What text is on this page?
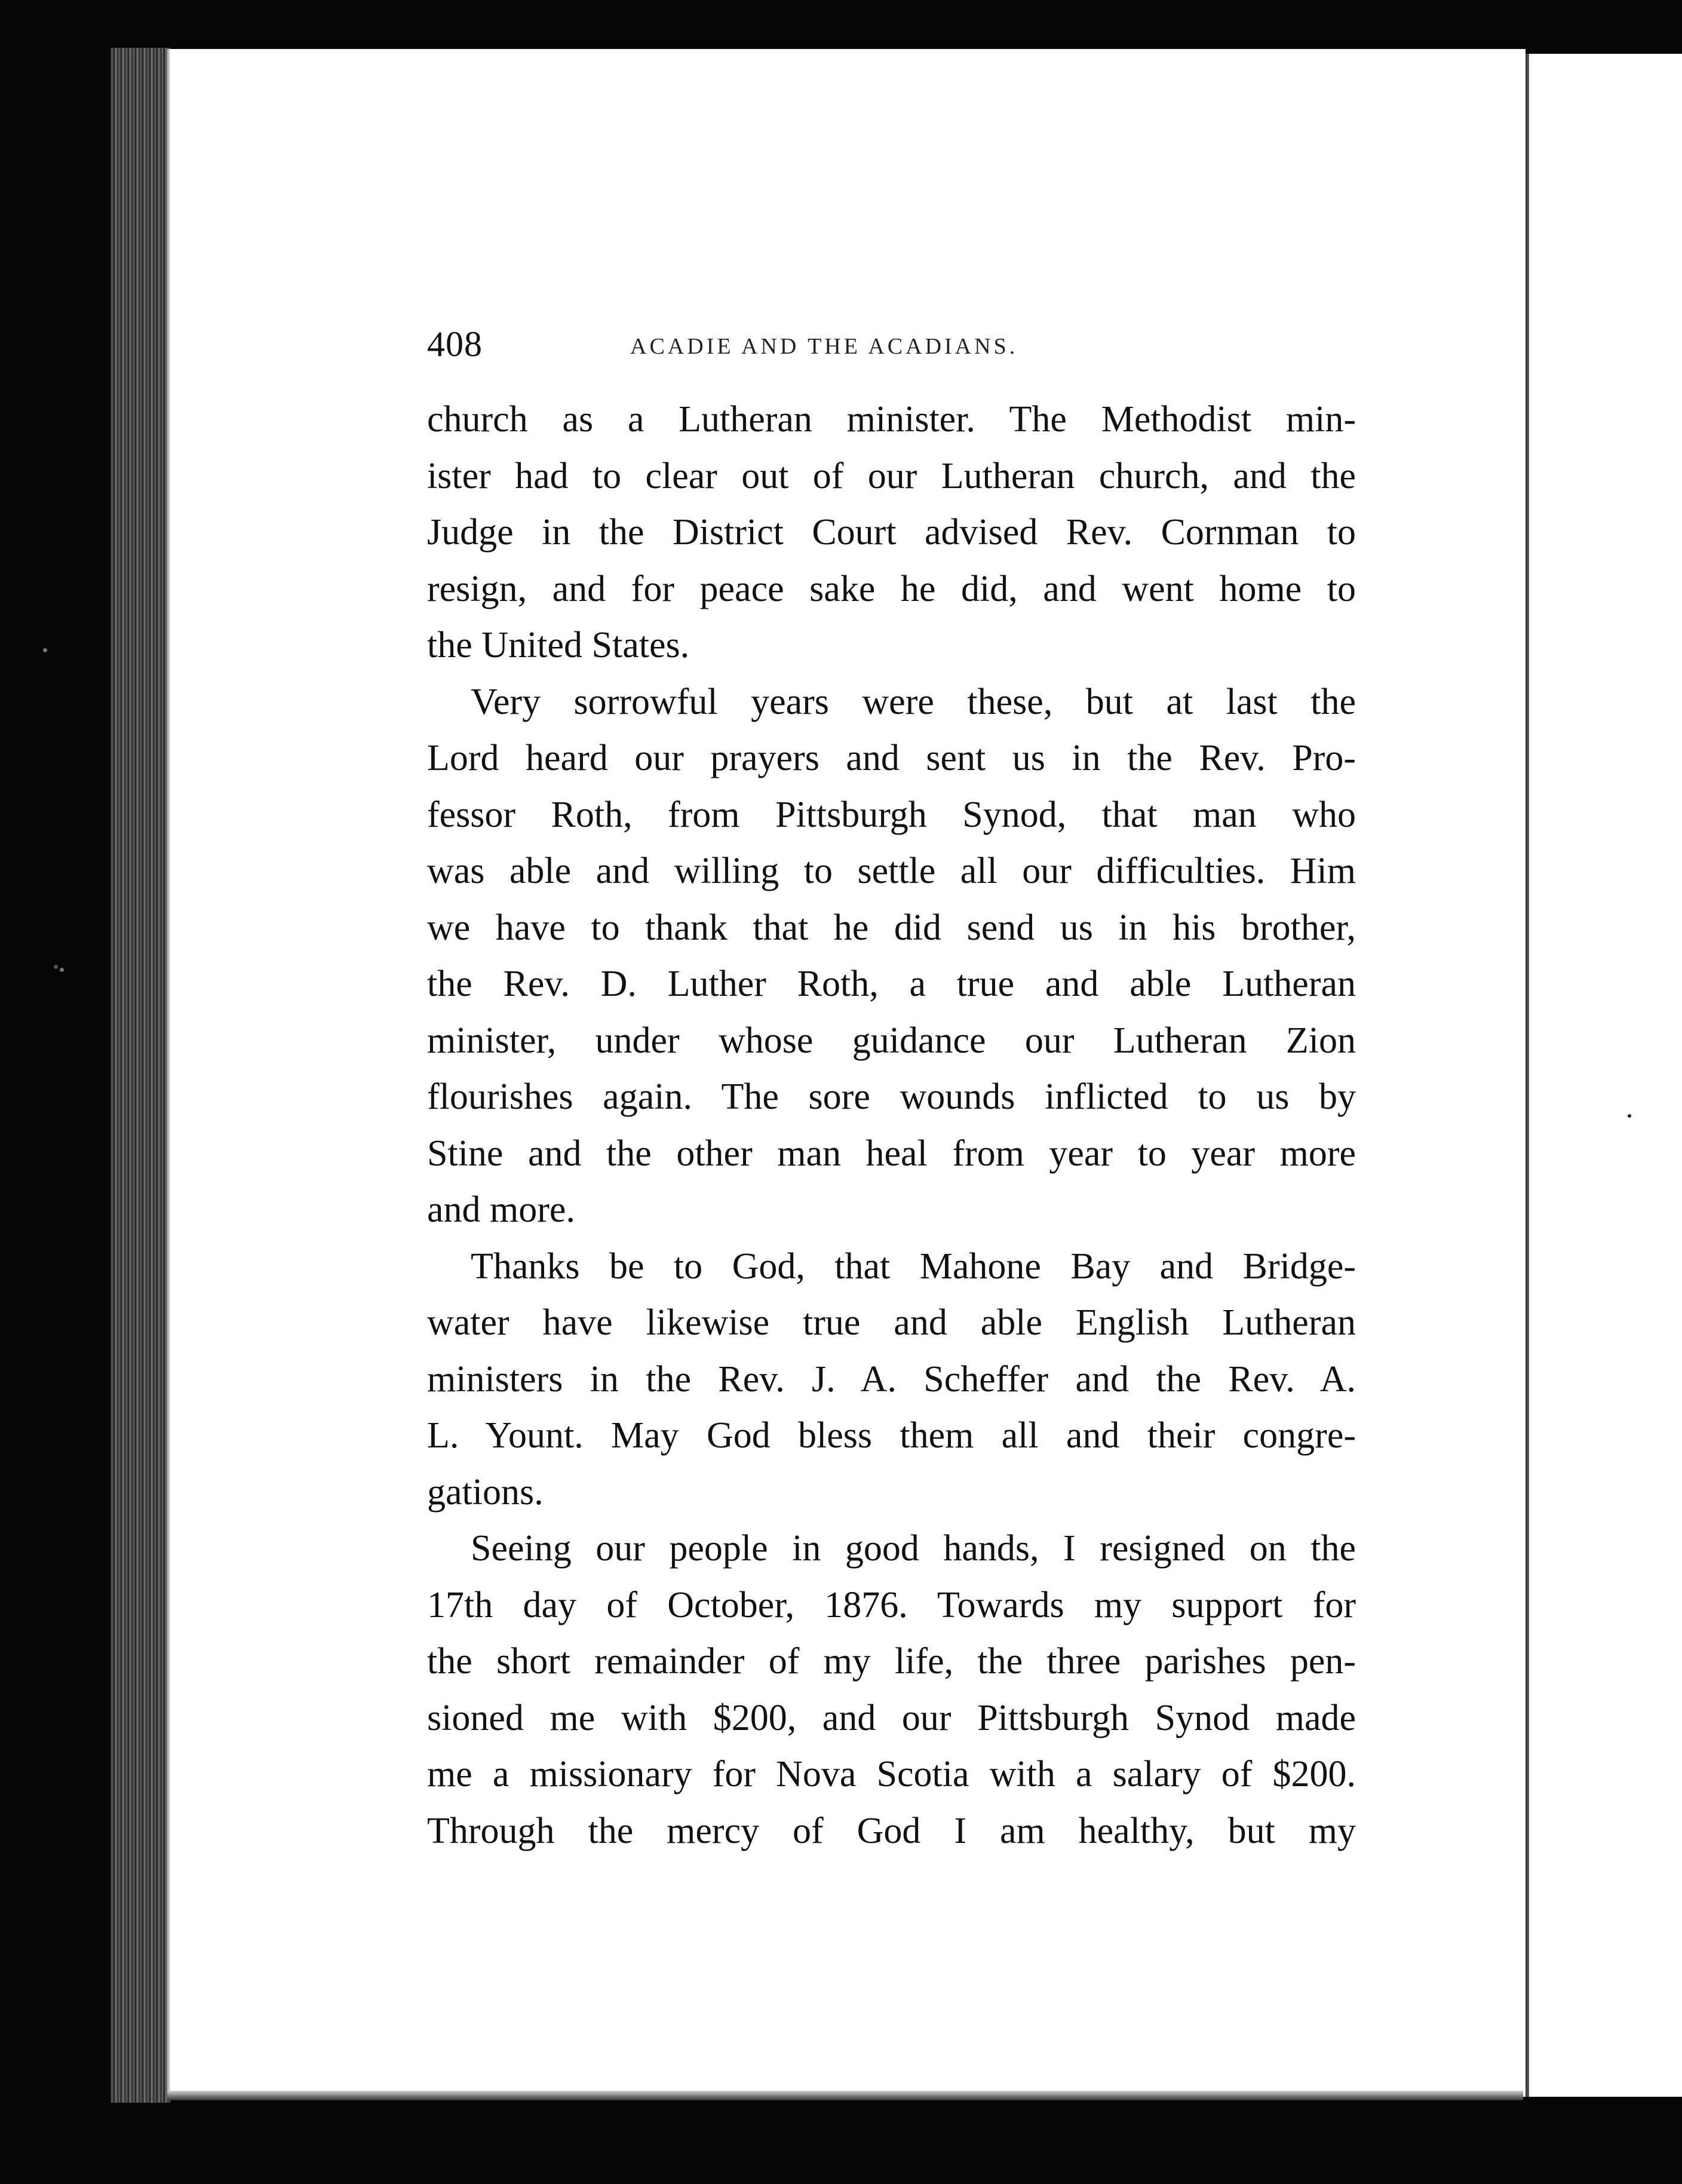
408	ACADIE AND THE ACADIANS.
church as a Lutheran minister. The Methodist min-
ister had to clear out of our Lutheran church, and the
Judge in the District Court advised Rev. Cornman to
resign, and for peace sake he did, and went home to
the United States.
Very sorrowful years were these, but at last the
Lord heard our prayers and sent us in the Rev. Pro-
fessor Roth, from Pittsburgh Synod, that man who
was able and willing to settle all our difficulties. Him
we have to thank that he did send us in his brother,
the Rev. D. Luther Roth, a true and able Lutheran
minister, under whose guidance our Lutheran Zion
flourishes again. The sore wounds inflicted to us by
Stine and the other man heal from year to year more
and more.
Thanks be to God, that Mahone Bay and Bridge-
water have likewise true and able English Lutheran
ministers in the Rev. J. A. Scheffer and the Rev. A.
L. Yount. May God bless them all and their congre-
gations.
Seeing our people in good hands, I resigned on the
17th day of October, 1876. Towards my support for
the short remainder of my life, the three parishes pen-
sioned me with $200, and our Pittsburgh Synod made
me a missionary for Nova Scotia with a salary of $200.
Through the mercy of God I am healthy, but my
